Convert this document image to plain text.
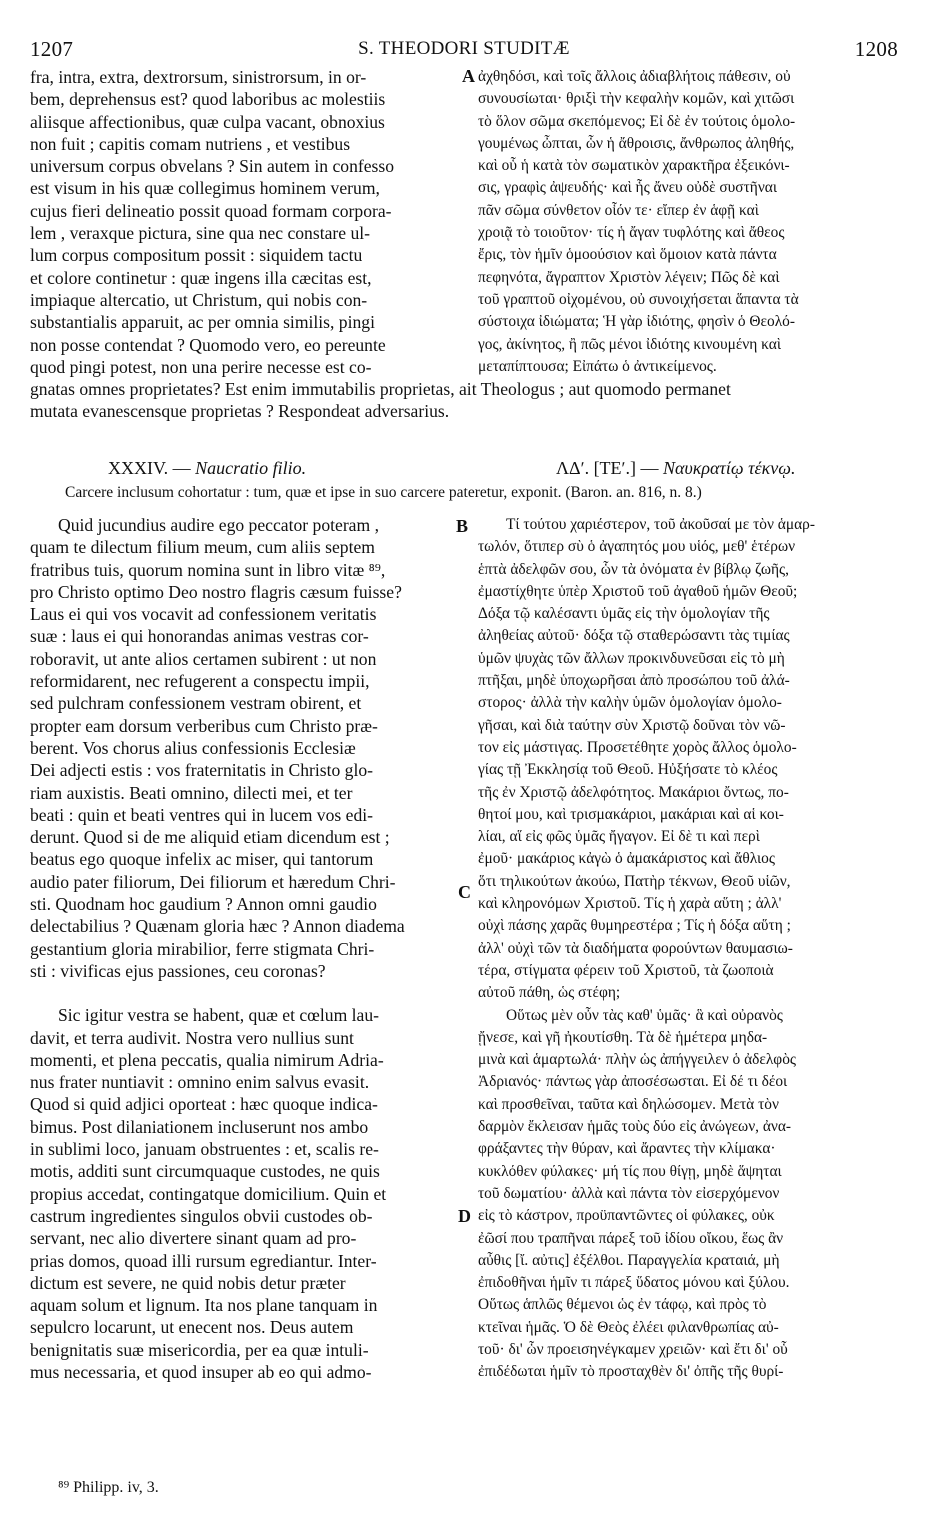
1207	S. THEODORI STUDITÆ	1208
A
B
C
D
fra, intra, extra, dextrorsum, sinistrorsum, in or-
bem, deprehensus est? quod laboribus ac molestiis
aliisque affectionibus, quæ culpa vacant, obnoxius
non fuit ; capitis comam nutriens , et vestibus
universum corpus obvelans ? Sin autem in confesso
est visum in his quæ collegimus hominem verum,
cujus fieri delineatio possit quoad formam corpora-
lem , veraxque pictura, sine qua nec constare ul-
lum corpus compositum possit : siquidem tactu
et colore continetur : quæ ingens illa cæcitas est,
impiaque altercatio, ut Christum, qui nobis con-
substantialis apparuit, ac per omnia similis, pingi
non posse contendat ? Quomodo vero, eo pereunte
quod pingi potest, non una perire necesse est co-
ἀχθηδόσι, καὶ τοῖς ἄλλοις ἀδιαβλήτοις πάθεσιν, οὐ
συνουσίωται· θριξὶ τὴν κεφαλὴν κομῶν, καὶ χιτῶσι
τὸ ὅλον σῶμα σκεπόμενος; Εἰ δὲ ἐν τούτοις ὁμολο-
γουμένως ὦπται, ὧν ἡ ἄθροισις, ἄνθρωπος ἀληθής,
καὶ οὗ ἡ κατὰ τὸν σωματικὸν χαρακτῆρα ἐξεικόνι-
σις, γραφὶς ἀψευδής· καὶ ἧς ἄνευ οὐδὲ συστῆναι
πᾶν σῶμα σύνθετον οἷόν τε· εἴπερ ἐν ἁφῇ καὶ
χροιᾷ τὸ τοιοῦτον· τίς ἡ ἄγαν τυφλότης καὶ ἄθεος
ἔρις, τὸν ἡμῖν ὁμοούσιον καὶ ὅμοιον κατὰ πάντα
πεφηνότα, ἄγραπτον Χριστὸν λέγειν; Πῶς δὲ καὶ
τοῦ γραπτοῦ οἰχομένου, οὐ συνοιχήσεται ἅπαντα τὰ
σύστοιχα ἰδιώματα; Ἡ γὰρ ἰδιότης, φησὶν ὁ Θεολό-
γος, ἀκίνητος, ἢ πῶς μένοι ἰδιότης κινουμένη καὶ
μεταπίπτουσα; Εἰπάτω ὁ ἀντικείμενος.
gnatas omnes proprietates? Est enim immutabilis proprietas, ait Theologus ; aut quomodo permanet
mutata evanescensque proprietas ? Respondeat adversarius.
XXXIV. — Naucratio filio.	ΛΔʹ. [ΤΕʹ.] — Ναυκρατίῳ τέκνῳ.
Carcere inclusum cohortatur : tum, quæ et ipse in suo carcere pateretur, exponit. (Baron. an. 816, n. 8.)
Quid jucundius audire ego peccator poteram ,
quam te dilectum filium meum, cum aliis septem
fratribus tuis, quorum nomina sunt in libro vitæ ⁸⁹,
pro Christo optimo Deo nostro flagris cæsum fuisse?
Laus ei qui vos vocavit ad confessionem veritatis
suæ : laus ei qui honorandas animas vestras cor-
roboravit, ut ante alios certamen subirent : ut non
reformidarent, nec refugerent a conspectu impii,
sed pulchram confessionem vestram obirent, et
propter eam dorsum verberibus cum Christo præ-
berent. Vos chorus alius confessionis Ecclesiæ
Dei adjecti estis : vos fraternitatis in Christo glo-
riam auxistis. Beati omnino, dilecti mei, et ter
beati : quin et beati ventres qui in lucem vos edi-
derunt. Quod si de me aliquid etiam dicendum est ;
beatus ego quoque infelix ac miser, qui tantorum
audio pater filiorum, Dei filiorum et hæredum Chri-
sti. Quodnam hoc gaudium ? Annon omni gaudio
delectabilius ? Quænam gloria hæc ? Annon diadema
gestantium gloria mirabilior, ferre stigmata Chri-
sti : vivificas ejus passiones, ceu coronas?
Sic igitur vestra se habent, quæ et cœlum lau-
davit, et terra audivit. Nostra vero nullius sunt
momenti, et plena peccatis, qualia nimirum Adria-
nus frater nuntiavit : omnino enim salvus evasit.
Quod si quid adjici oporteat : hæc quoque indica-
bimus. Post dilaniationem incluserunt nos ambo
in sublimi loco, januam obstruentes : et, scalis re-
motis, additi sunt circumquaque custodes, ne quis
propius accedat, contingatque domicilium. Quin et
castrum ingredientes singulos obvii custodes ob-
servant, nec alio divertere sinant quam ad pro-
prias domos, quoad illi rursum egrediantur. Inter-
dictum est severe, ne quid nobis detur præter
aquam solum et lignum. Ita nos plane tanquam in
sepulcro locarunt, ut enecent nos. Deus autem
benignitatis suæ misericordia, per ea quæ intuli-
mus necessaria, et quod insuper ab eo qui admo-
Τί τούτου χαριέστερον, τοῦ ἀκοῦσαί με τὸν ἁμαρ-
τωλόν, ὅτιπερ σὺ ὁ ἀγαπητός μου υἱός, μεθ' ἑτέρων
ἑπτὰ ἀδελφῶν σου, ὧν τὰ ὀνόματα ἐν βίβλῳ ζωῆς,
ἐμαστίχθητε ὑπὲρ Χριστοῦ τοῦ ἀγαθοῦ ἡμῶν Θεοῦ;
Δόξα τῷ καλέσαντι ὑμᾶς εἰς τὴν ὁμολογίαν τῆς
ἀληθείας αὐτοῦ· δόξα τῷ σταθερώσαντι τὰς τιμίας
ὑμῶν ψυχὰς τῶν ἄλλων προκινδυνεῦσαι εἰς τὸ μὴ
πτῆξαι, μηδὲ ὑποχωρῆσαι ἀπὸ προσώπου τοῦ ἀλά-
στορος· ἀλλὰ τὴν καλὴν ὑμῶν ὁμολογίαν ὁμολο-
γῆσαι, καὶ διὰ ταύτην σὺν Χριστῷ δοῦναι τὸν νῶ-
τον εἰς μάστιγας. Προσετέθητε χορὸς ἄλλος ὁμολο-
γίας τῇ Ἐκκλησίᾳ τοῦ Θεοῦ. Ηὐξήσατε τὸ κλέος
τῆς ἐν Χριστῷ ἀδελφότητος. Μακάριοι ὄντως, πο-
θητοί μου, καὶ τρισμακάριοι, μακάριαι καὶ αἱ κοι-
λίαι, αἵ εἰς φῶς ὑμᾶς ἤγαγον. Εἰ δὲ τι καὶ περὶ
ἐμοῦ· μακάριος κἀγὼ ὁ ἀμακάριστος καὶ ἄθλιος
ὅτι τηλικούτων ἀκούω, Πατὴρ τέκνων, Θεοῦ υἱῶν,
καὶ κληρονόμων Χριστοῦ. Τίς ἡ χαρὰ αὕτη ; ἀλλ'
οὐχὶ πάσης χαρᾶς θυμηρεστέρα ; Τίς ἡ δόξα αὕτη ;
ἀλλ' οὐχὶ τῶν τὰ διαδήματα φορούντων θαυμασιω-
τέρα, στίγματα φέρειν τοῦ Χριστοῦ, τὰ ζωοποιὰ
αὐτοῦ πάθη, ὡς στέφη;
Οὕτως μὲν οὖν τὰς καθ' ὑμᾶς· ἃ καὶ οὐρανὸς
ᾔνεσε, καὶ γῆ ἠκουτίσθη. Τὰ δὲ ἡμέτερα μηδα-
μινὰ καὶ ἁμαρτωλά· πλὴν ὡς ἀπήγγειλεν ὁ ἀδελφὸς
Ἀδριανός· πάντως γὰρ ἀποσέσωσται. Εἰ δέ τι δέοι
καὶ προσθεῖναι, ταῦτα καὶ δηλώσομεν. Μετὰ τὸν
δαρμὸν ἔκλεισαν ἡμᾶς τοὺς δύο εἰς ἀνώγεων, ἀνα-
φράξαντες τὴν θύραν, καὶ ἄραντες τὴν κλίμακα·
κυκλόθεν φύλακες· μή τίς που θίγῃ, μηδὲ ἅψηται
τοῦ δωματίου· ἀλλὰ καὶ πάντα τὸν εἰσερχόμενον
εἰς τὸ κάστρον, προϋπαντῶντες οἱ φύλακες, οὐκ
ἐῶσί που τραπῆναι πάρεξ τοῦ ἰδίου οἴκου, ἕως ἂν
αὖθις [ἴ. αὐτις] ἐξέλθοι. Παραγγελία κραταιά, μὴ
ἐπιδοθῆναι ἡμῖν τι πάρεξ ὕδατος μόνου καὶ ξύλου.
Οὕτως ἁπλῶς θέμενοι ὡς ἐν τάφῳ, καὶ πρὸς τὸ
κτεῖναι ἡμᾶς. Ὁ δὲ Θεὸς ἐλέει φιλανθρωπίας αὐ-
τοῦ· δι' ὧν προεισηνέγκαμεν χρειῶν· καὶ ἔτι δι' οὗ
ἐπιδέδωται ἡμῖν τὸ προσταχθὲν δι' ὀπῆς τῆς θυρί-
⁸⁹ Philipp. iv, 3.
